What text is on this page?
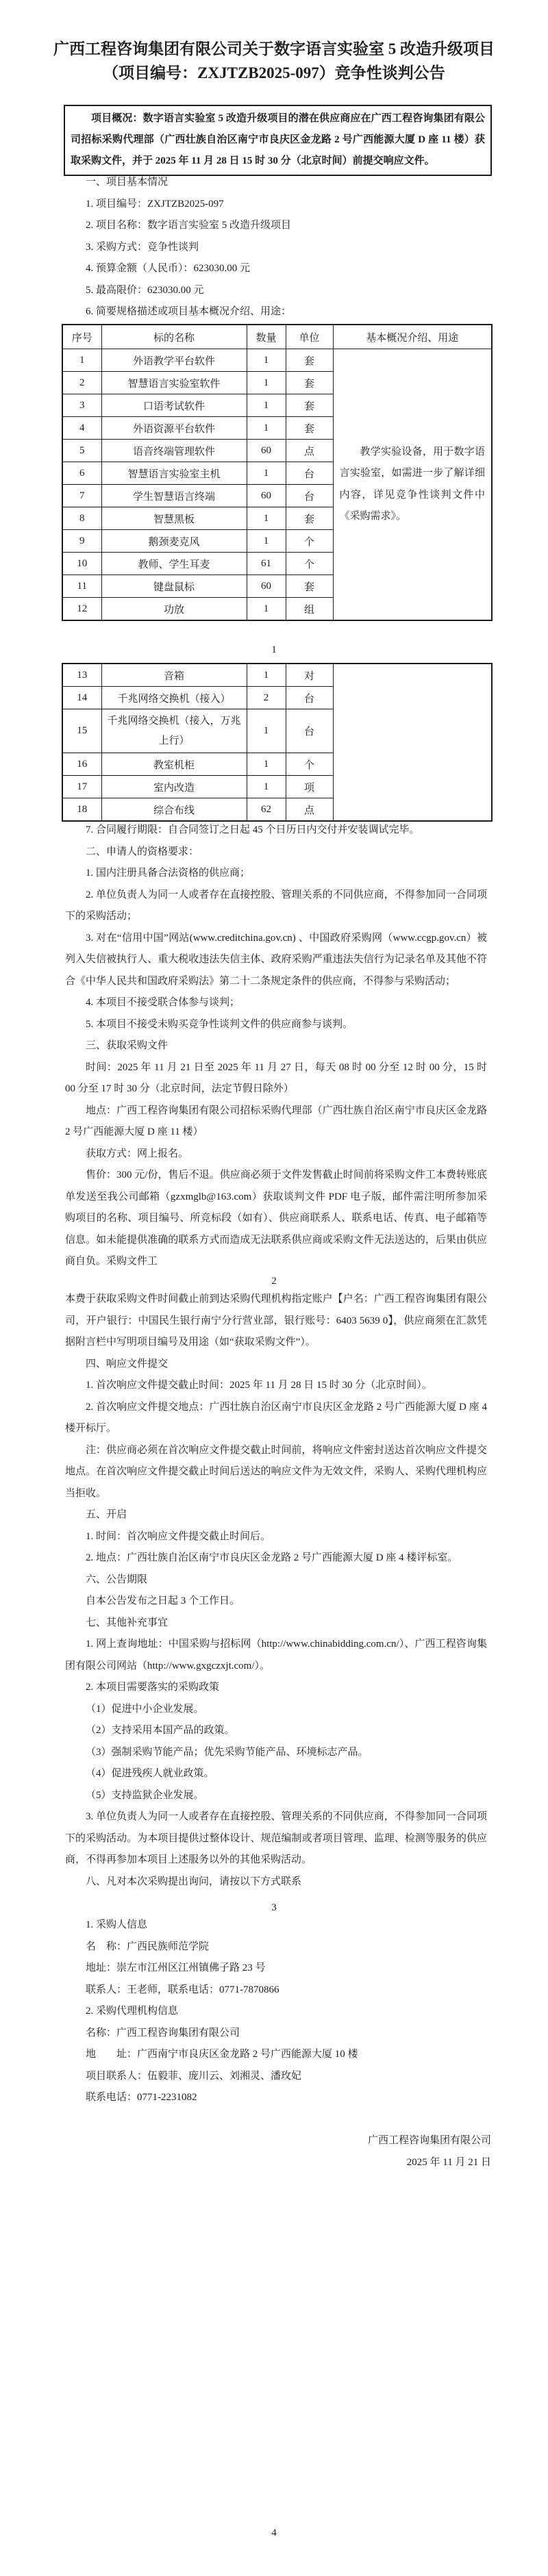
广西工程咨询集团有限公司关于数字语言实验室 5 改造升级项目
（项目编号：ZXJTZB2025-097）竞争性谈判公告
项目概况：数字语言实验室 5 改造升级项目的潜在供应商应在广西工程咨询集团有限公司招标采购代理部（广西壮族自治区南宁市良庆区金龙路 2 号广西能源大厦 D 座 11 楼）获取采购文件，并于 2025 年 11 月 28 日 15 时 30 分（北京时间）前提交响应文件。

一、项目基本情况

1. 项目编号：ZXJTZB2025-097

2. 项目名称：数字语言实验室 5 改造升级项目

3. 采购方式：竞争性谈判

4. 预算金额（人民币）：623030.00 元

5. 最高限价：623030.00 元

6. 简要规格描述或项目基本概况介绍、用途：

序号	标的名称	数量	单位	基本概况介绍、用途
1	外语教学平台软件	1	套	教学实验设备，用于数字语言实验室，如需进一步了解详细内容，详见竞争性谈判文件中《采购需求》。

2	智慧语言实验室软件	1	套	
3	口语考试软件	1	套	
4	外语资源平台软件	1	套	
5	语音终端管理软件	60	点	
6	智慧语言实验室主机	1	台	
7	学生智慧语言终端	60	台	
8	智慧黑板	1	套	
9	鹅颈麦克风	1	个	
10	教师、学生耳麦	61	个	
11	键盘鼠标	60	套	
12	功放	1	组	
1
13	音箱	1	对	
14	千兆网络交换机（接入）	2	台	
15	千兆网络交换机（接入，万兆上行）	1	台	
16	教室机柜	1	个	
17	室内改造	1	项	
18	综合布线	62	点	

7. 合同履行期限：自合同签订之日起 45 个日历日内交付并安装调试完毕。

二、申请人的资格要求：

1. 国内注册具备合法资格的供应商；

2. 单位负责人为同一人或者存在直接控股、管理关系的不同供应商，不得参加同一合同项下的采购活动；

3. 对在“信用中国”网站(www.creditchina.gov.cn) 、中国政府采购网（www.ccgp.gov.cn）被列入失信被执行人、重大税收违法失信主体、政府采购严重违法失信行为记录名单及其他不符合《中华人民共和国政府采购法》第二十二条规定条件的供应商，不得参与采购活动；

4. 本项目不接受联合体参与谈判；

5. 本项目不接受未购买竞争性谈判文件的供应商参与谈判。

三、获取采购文件

时间：2025 年 11 月 21 日至 2025 年 11 月 27 日，每天 08 时 00 分至 12 时 00 分，15 时 00 分至 17 时 30 分（北京时间，法定节假日除外）

地点：广西工程咨询集团有限公司招标采购代理部（广西壮族自治区南宁市良庆区金龙路 2 号广西能源大厦 D 座 11 楼）

获取方式：网上报名。

售价：300 元/份，售后不退。供应商必须于文件发售截止时间前将采购文件工本费转账底单发送至我公司邮箱（gzxmglb@163.com）获取谈判文件 PDF 电子版，邮件需注明所参加采购项目的名称、项目编号、所竞标段（如有）、供应商联系人、联系电话、传真、电子邮箱等信息。如未能提供准确的联系方式而造成无法联系供应商或采购文件无法送达的，后果由供应商自负。采购文件工

2

本费于获取采购文件时间截止前到达采购代理机构指定账户【户名：广西工程咨询集团有限公司，开户银行：中国民生银行南宁分行营业部，银行账号：6403 5639 0】，供应商须在汇款凭据附言栏中写明项目编号及用途（如“获取采购文件”）。

四、响应文件提交

1. 首次响应文件提交截止时间：2025 年 11 月 28 日 15 时 30 分（北京时间）。

2. 首次响应文件提交地点：广西壮族自治区南宁市良庆区金龙路 2 号广西能源大厦 D 座 4 楼开标厅。

注：供应商必须在首次响应文件提交截止时间前，将响应文件密封送达首次响应文件提交地点。在首次响应文件提交截止时间后送达的响应文件为无效文件，采购人、采购代理机构应当拒收。

五、开启

1. 时间：首次响应文件提交截止时间后。

2. 地点：广西壮族自治区南宁市良庆区金龙路 2 号广西能源大厦 D 座 4 楼评标室。

六、公告期限

自本公告发布之日起 3 个工作日。

七、其他补充事宜

1. 网上查询地址：中国采购与招标网（http://www.chinabidding.com.cn/）、广西工程咨询集团有限公司网站（http://www.gxgczxjt.com/）。

2. 本项目需要落实的采购政策

（1）促进中小企业发展。

（2）支持采用本国产品的政策。

（3）强制采购节能产品；优先采购节能产品、环境标志产品。

（4）促进残疾人就业政策。

（5）支持监狱企业发展。

3. 单位负责人为同一人或者存在直接控股、管理关系的不同供应商，不得参加同一合同项下的采购活动。为本项目提供过整体设计、规范编制或者项目管理、监理、检测等服务的供应商，不得再参加本项目上述服务以外的其他采购活动。

八、凡对本次采购提出询问，请按以下方式联系

3

1. 采购人信息

名　称：广西民族师范学院

地址：崇左市江州区江州镇佛子路 23 号

联系人：王老师，联系电话：0771-7870866

2. 采购代理机构信息

名称：广西工程咨询集团有限公司

地　　址：广西南宁市良庆区金龙路 2 号广西能源大厦 10 楼

项目联系人：伍毅菲、庞川云、刘湘灵、潘玫妃

联系电话：0771-2231082

广西工程咨询集团有限公司
2025 年 11 月 21 日
4
